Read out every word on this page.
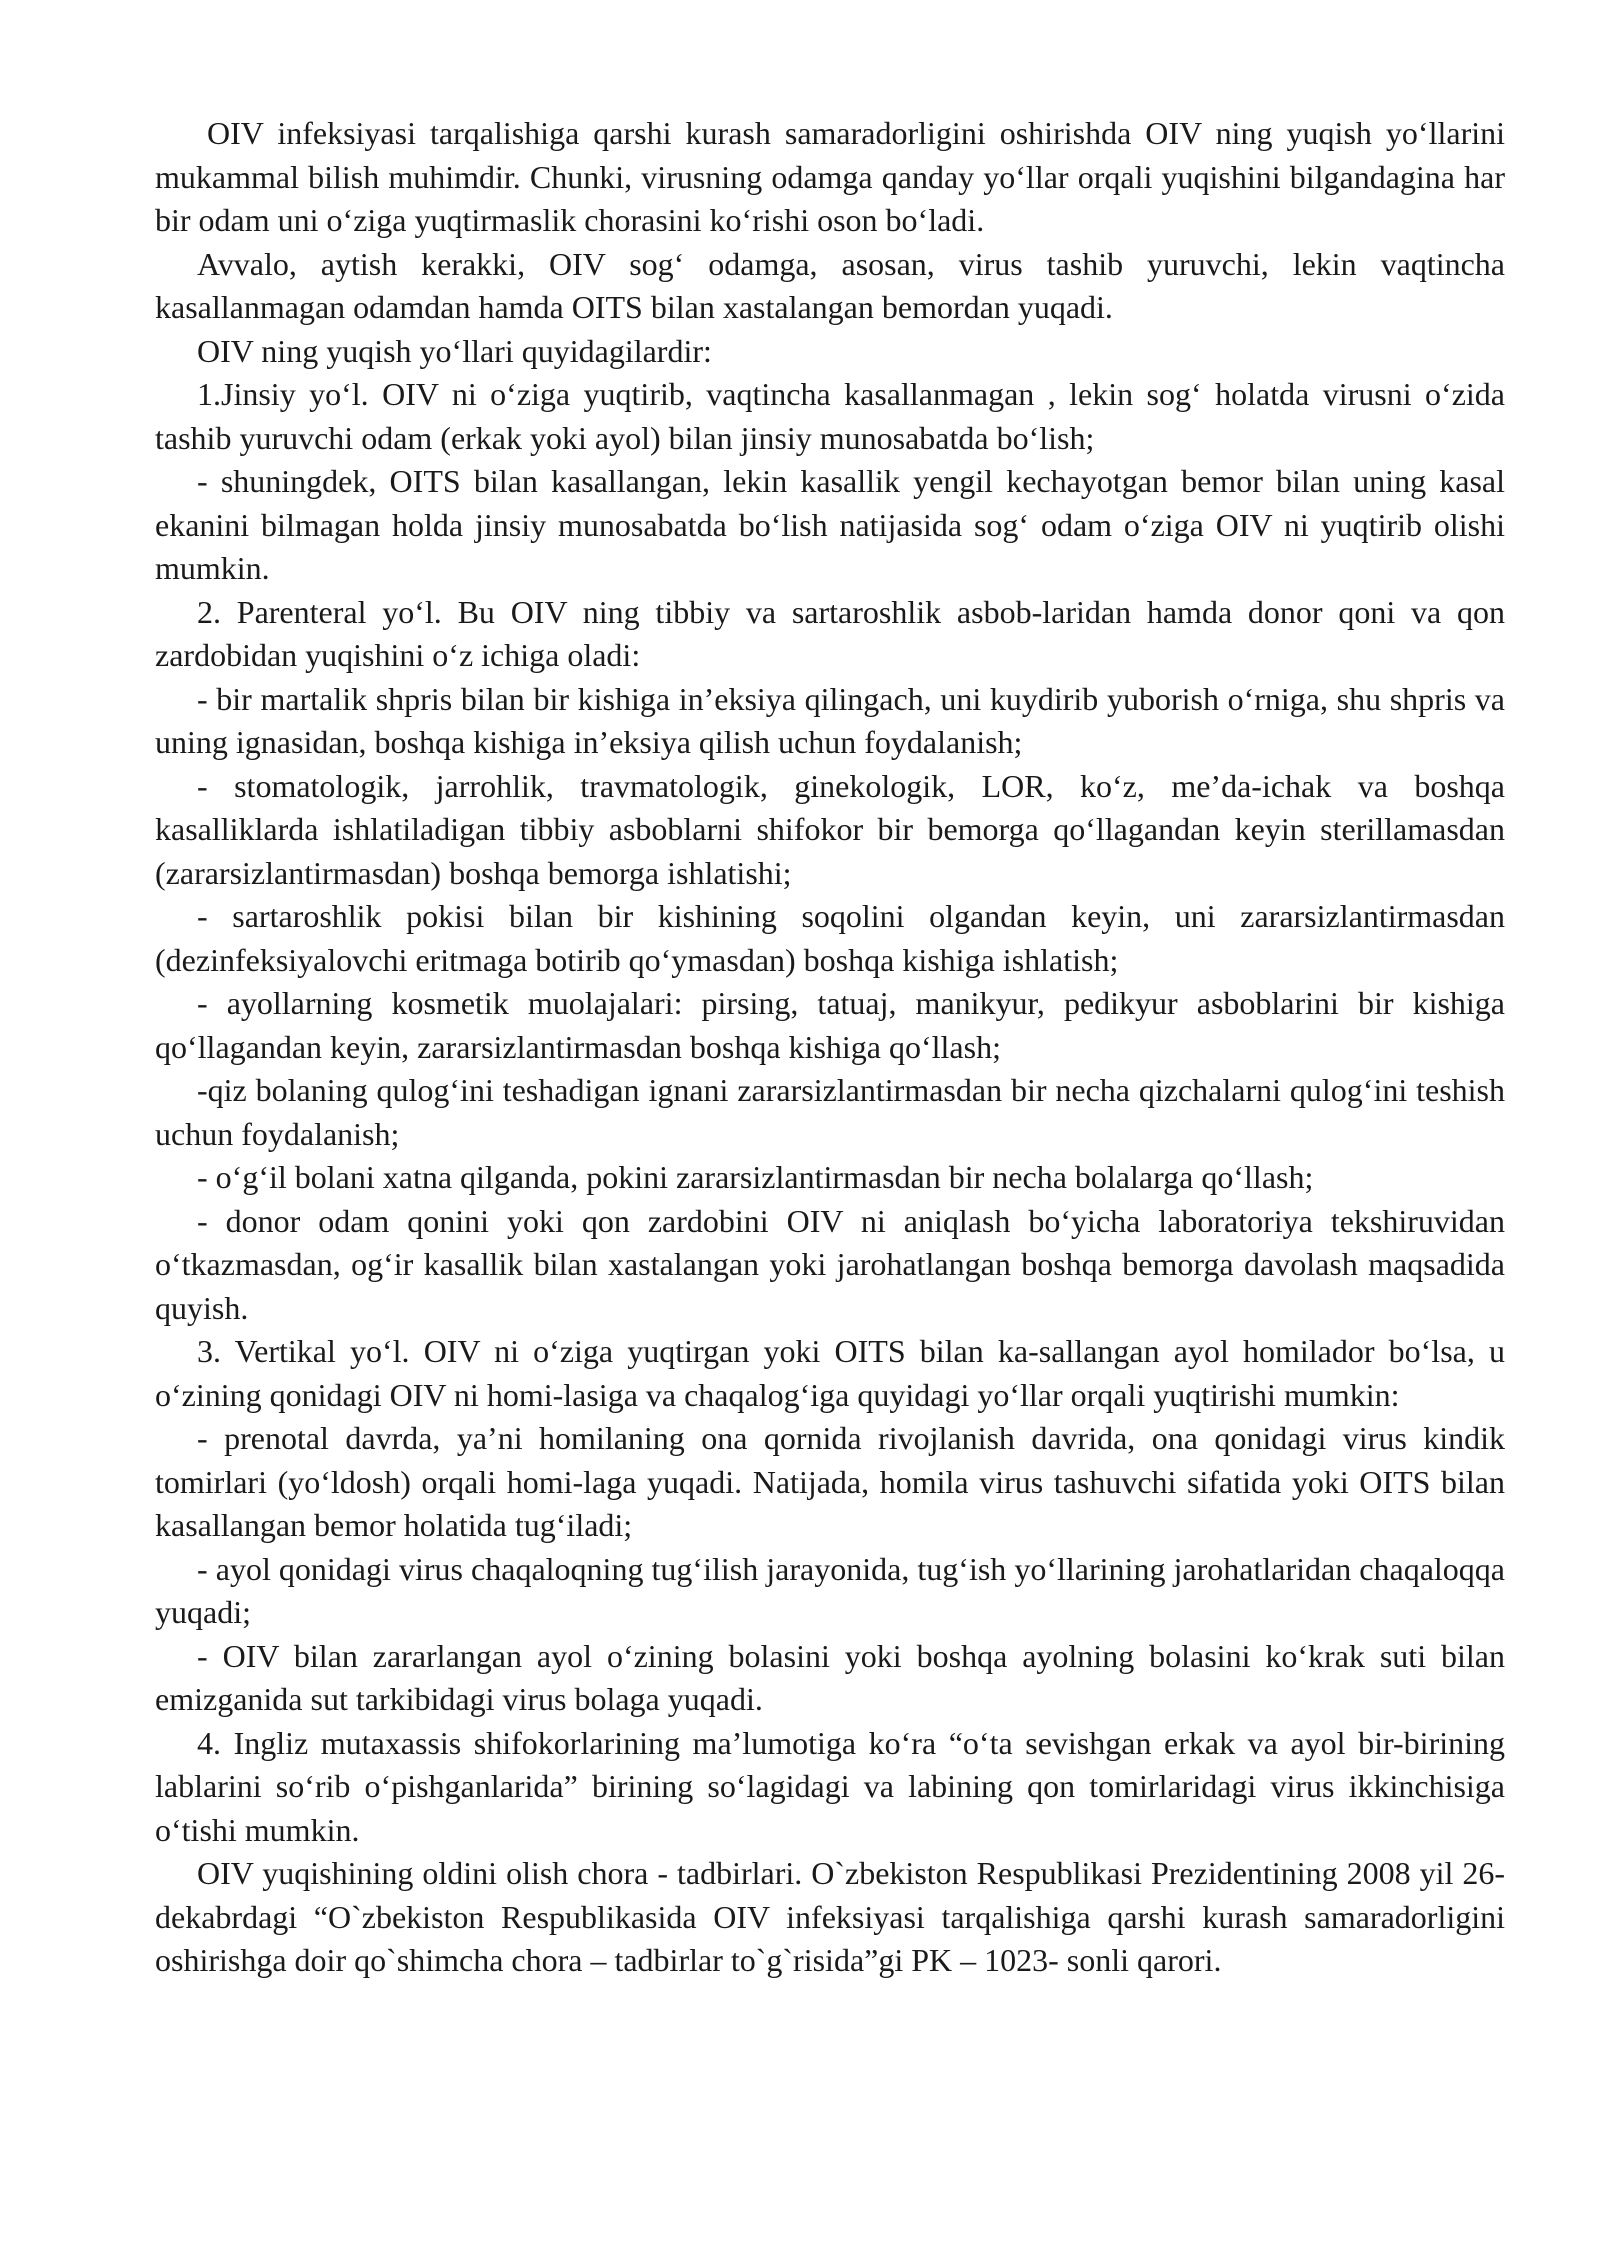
OIV infeksiyasi tarqalishiga qarshi kurash samaradorligini oshirishda OIV ning yuqish yo‘llarini mukammal bilish muhimdir. Chunki, virusning odamga qanday yo‘llar orqali yuqishini bilgandagina har bir odam uni o‘ziga yuqtirmaslik chorasini ko‘rishi oson bo‘ladi.

Avvalo, aytish kerakki, OIV sog‘ odamga, asosan, virus tashib yuruvchi, lekin vaqtincha kasallanmagan odamdan hamda OITS bilan xastalangan bemordan yuqadi.

OIV ning yuqish yo‘llari quyidagilardir:

1.Jinsiy yo‘l. OIV ni o‘ziga yuqtirib, vaqtincha kasallanmagan , lekin sog‘ holatda virusni o‘zida tashib yuruvchi odam (erkak yoki ayol) bilan jinsiy munosabatda bo‘lish;

- shuningdek, OITS bilan kasallangan, lekin kasallik yengil kechayotgan bemor bilan uning kasal ekanini bilmagan holda jinsiy munosabatda bo‘lish natijasida sog‘ odam o‘ziga OIV ni yuqtirib olishi mumkin.

2. Parenteral yo‘l. Bu OIV ning tibbiy va sartaroshlik asbob-laridan hamda donor qoni va qon zardobidan yuqishini o‘z ichiga oladi:

- bir martalik shpris bilan bir kishiga in’eksiya qilingach, uni kuydirib yuborish o‘rniga, shu shpris va uning ignasidan, boshqa kishiga in’eksiya qilish uchun foydalanish;

- stomatologik, jarrohlik, travmatologik, ginekologik, LOR, ko‘z, me’da-ichak va boshqa kasalliklarda ishlatiladigan tibbiy asboblarni shifokor bir bemorga qo‘llagandan keyin sterillamasdan (zararsizlantirmasdan) boshqa bemorga ishlatishi;

- sartaroshlik pokisi bilan bir kishining soqolini olgandan keyin, uni zararsizlantirmasdan (dezinfeksiyalovchi eritmaga botirib qo‘ymasdan) boshqa kishiga ishlatish;

- ayollarning kosmetik muolajalari: pirsing, tatuaj, manikyur, pedikyur asboblarini bir kishiga qo‘llagandan keyin, zararsizlantirmasdan boshqa kishiga qo‘llash;

-qiz bolaning qulog‘ini teshadigan ignani zararsizlantirmasdan bir necha qizchalarni qulog‘ini teshish uchun foydalanish;

- o‘g‘il bolani xatna qilganda, pokini zararsizlantirmasdan bir necha bolalarga qo‘llash;

- donor odam qonini yoki qon zardobini OIV ni aniqlash bo‘yicha laboratoriya tekshiruvidan o‘tkazmasdan, og‘ir kasallik bilan xastalangan yoki jarohatlangan boshqa bemorga davolash maqsadida quyish.

3. Vertikal yo‘l. OIV ni o‘ziga yuqtirgan yoki OITS bilan ka-sallangan ayol homilador bo‘lsa, u o‘zining qonidagi OIV ni homi-lasiga va chaqalog‘iga quyidagi yo‘llar orqali yuqtirishi mumkin:

- prenotal davrda, ya’ni homilaning ona qornida rivojlanish davrida, ona qonidagi virus kindik tomirlari (yo‘ldosh) orqali homi-laga yuqadi. Natijada, homila virus tashuvchi sifatida yoki OITS bilan kasallangan bemor holatida tug‘iladi;

- ayol qonidagi virus chaqaloqning tug‘ilish jarayonida, tug‘ish yo‘llarining jarohatlaridan chaqaloqqa yuqadi;

- OIV bilan zararlangan ayol o‘zining bolasini yoki boshqa ayolning bolasini ko‘krak suti bilan emizganida sut tarkibidagi virus bolaga yuqadi.

4. Ingliz mutaxassis shifokorlarining ma’lumotiga ko‘ra “o‘ta sevishgan erkak va ayol bir-birining lablarini so‘rib o‘pishganlarida” birining so‘lagidagi va labining qon tomirlaridagi virus ikkinchisiga o‘tishi mumkin.

OIV yuqishining oldini olish chora - tadbirlari. O`zbekiston Respublikasi Prezidentining 2008 yil 26-dekabrdagi “O`zbekiston Respublikasida OIV infeksiyasi tarqalishiga qarshi kurash samaradorligini oshirishga doir qo`shimcha chora – tadbirlar to`g`risida”gi PK – 1023- sonli qarori.
